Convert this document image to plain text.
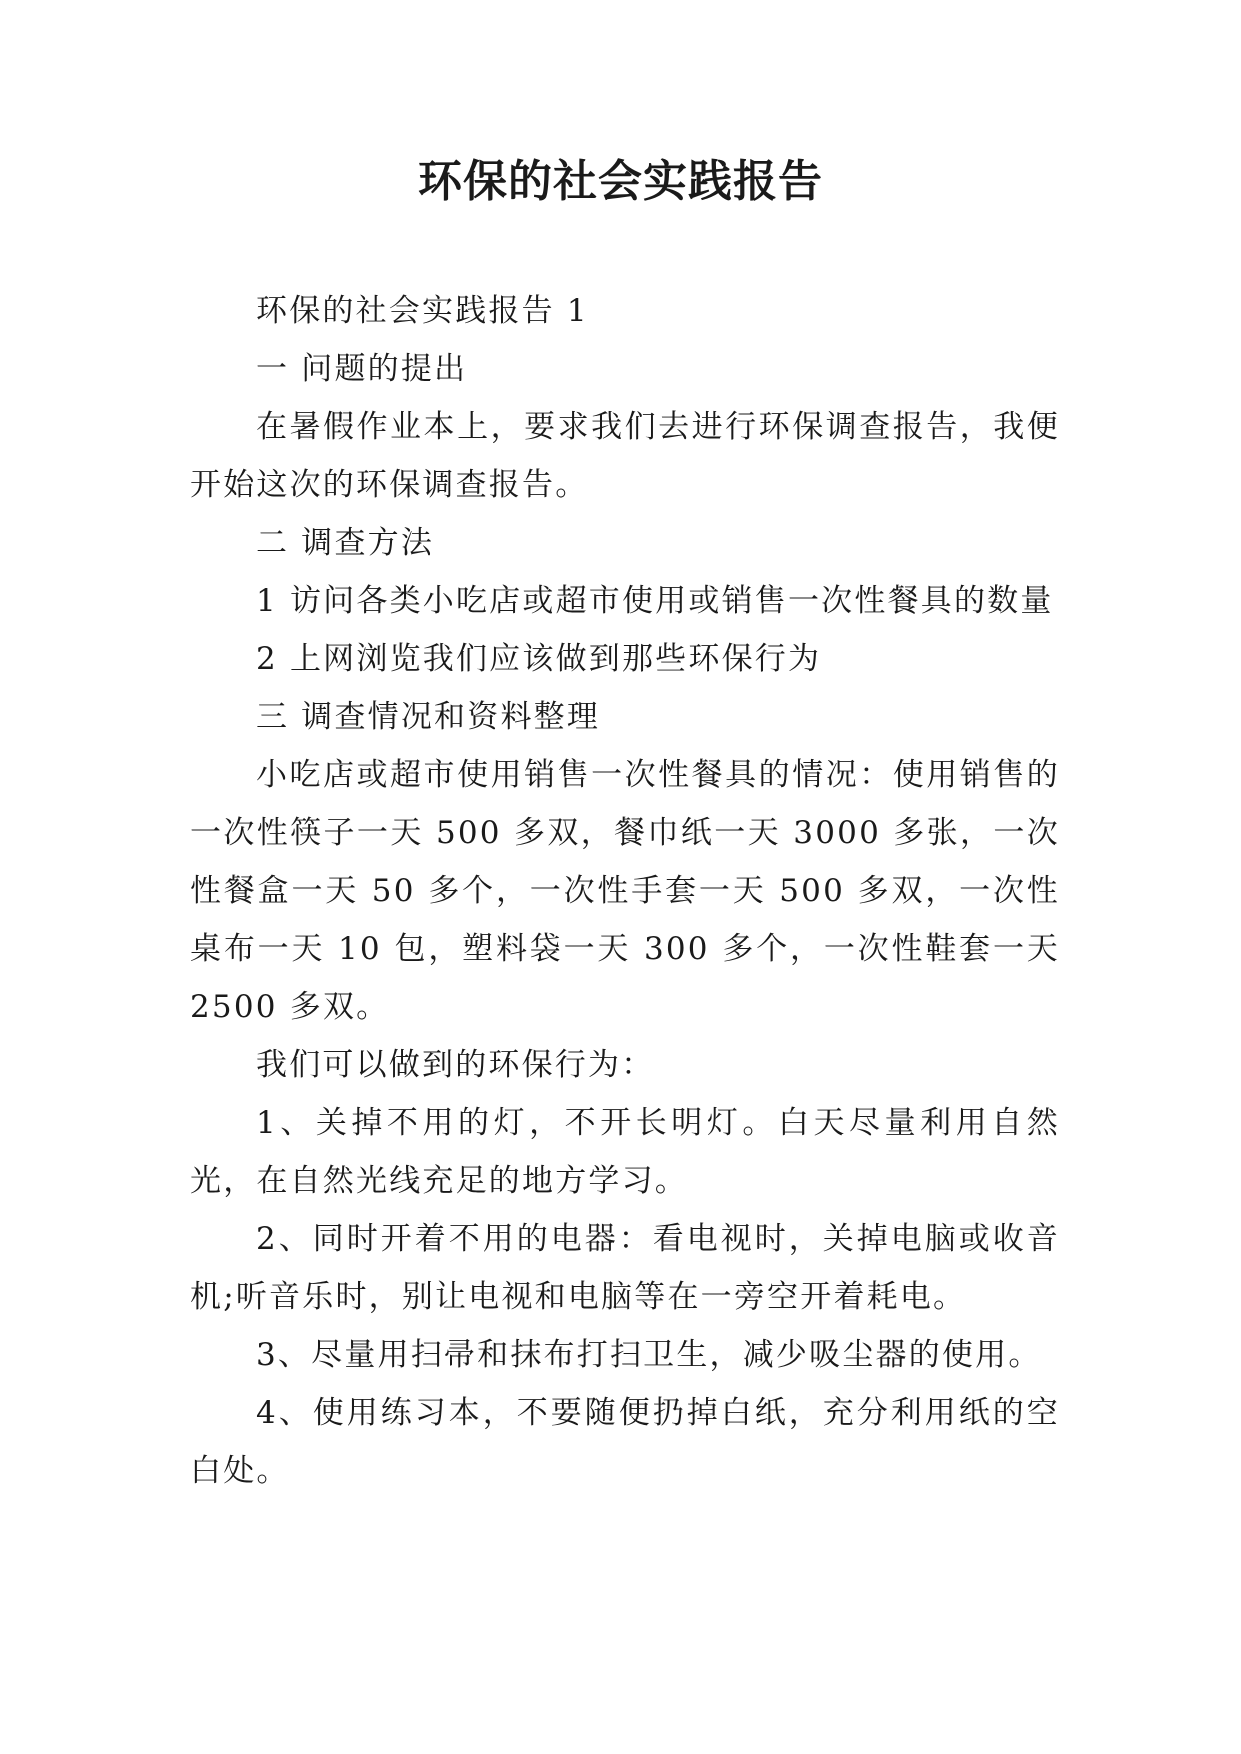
环保的社会实践报告

环保的社会实践报告 1

一 问题的提出

在暑假作业本上，要求我们去进行环保调查报告，我便开始这次的环保调查报告。

二 调查方法

1 访问各类小吃店或超市使用或销售一次性餐具的数量

2 上网浏览我们应该做到那些环保行为

三 调查情况和资料整理

小吃店或超市使用销售一次性餐具的情况：使用销售的一次性筷子一天 500 多双，餐巾纸一天 3000 多张，一次性餐盒一天 50 多个，一次性手套一天 500 多双，一次性桌布一天 10 包，塑料袋一天 300 多个，一次性鞋套一天 2500 多双。

我们可以做到的环保行为：

1、关掉不用的灯，不开长明灯。白天尽量利用自然光，在自然光线充足的地方学习。

2、同时开着不用的电器：看电视时，关掉电脑或收音机;听音乐时，别让电视和电脑等在一旁空开着耗电。

3、尽量用扫帚和抹布打扫卫生，减少吸尘器的使用。

4、使用练习本，不要随便扔掉白纸，充分利用纸的空白处。
